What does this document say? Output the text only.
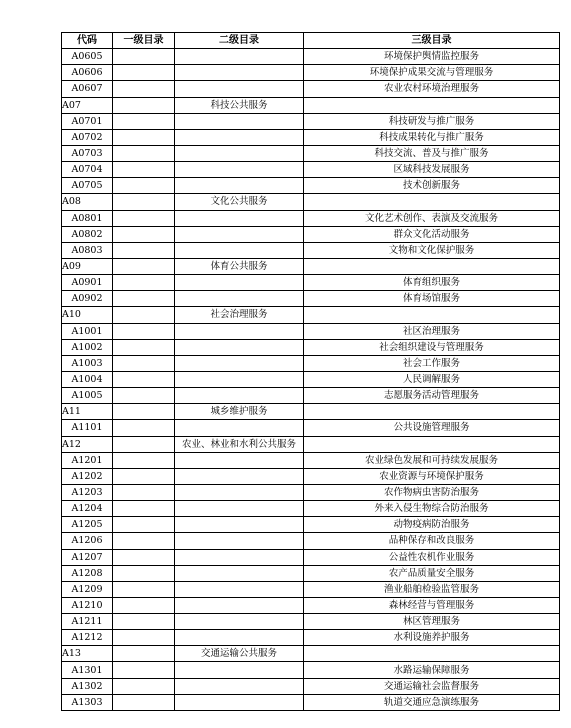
代码	一级目录	二级目录	三级目录
A0605			环境保护舆情监控服务
A0606			环境保护成果交流与管理服务
A0607			农业农村环境治理服务
A07		科技公共服务	
A0701			科技研发与推广服务
A0702			科技成果转化与推广服务
A0703			科技交流、普及与推广服务
A0704			区域科技发展服务
A0705			技术创新服务
A08		文化公共服务	
A0801			文化艺术创作、表演及交流服务
A0802			群众文化活动服务
A0803			文物和文化保护服务
A09		体育公共服务	
A0901			体育组织服务
A0902			体育场馆服务
A10		社会治理服务	
A1001			社区治理服务
A1002			社会组织建设与管理服务
A1003			社会工作服务
A1004			人民调解服务
A1005			志愿服务活动管理服务
A11		城乡维护服务	
A1101			公共设施管理服务
A12		农业、林业和水利公共服务	
A1201			农业绿色发展和可持续发展服务
A1202			农业资源与环境保护服务
A1203			农作物病虫害防治服务
A1204			外来入侵生物综合防治服务
A1205			动物疫病防治服务
A1206			品种保存和改良服务
A1207			公益性农机作业服务
A1208			农产品质量安全服务
A1209			渔业船舶检验监管服务
A1210			森林经营与管理服务
A1211			林区管理服务
A1212			水利设施养护服务
A13		交通运输公共服务	
A1301			水路运输保障服务
A1302			交通运输社会监督服务
A1303			轨道交通应急演练服务
